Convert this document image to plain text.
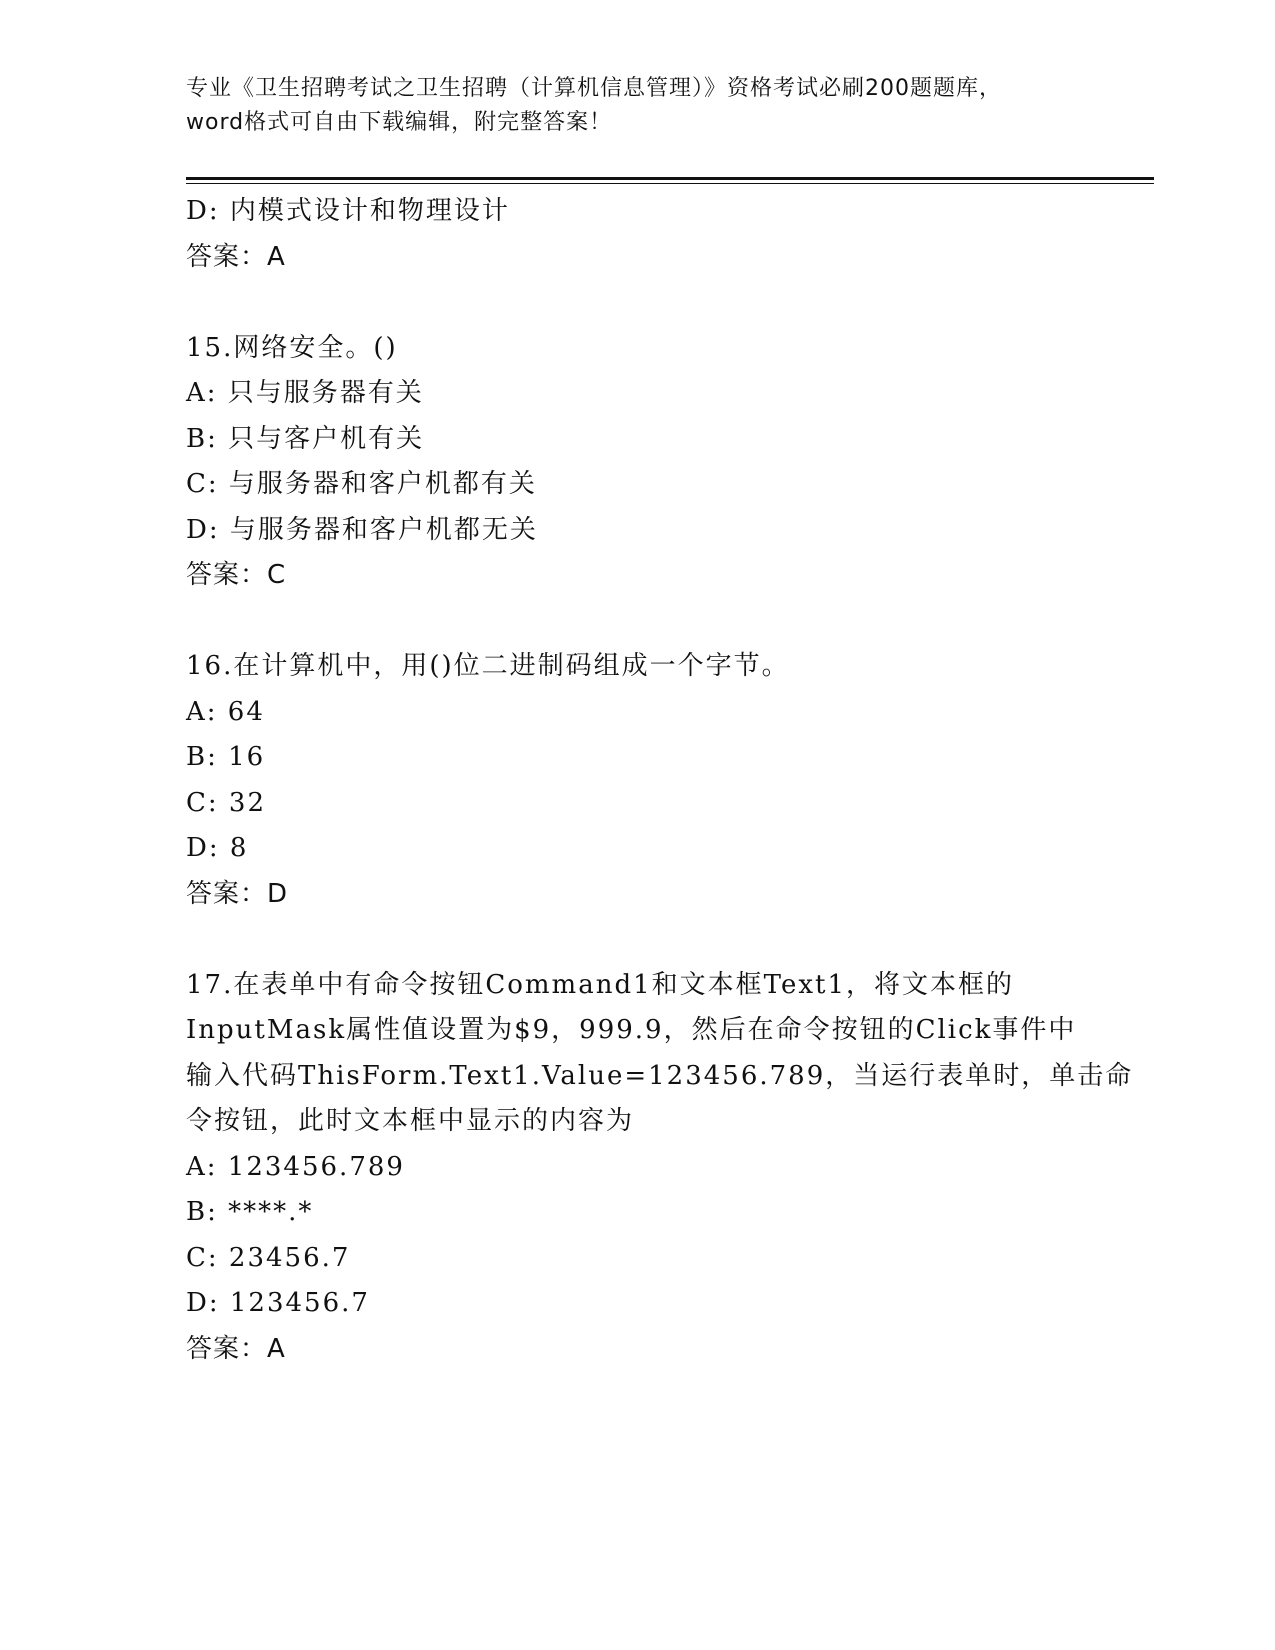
专业《卫生招聘考试之卫生招聘（计算机信息管理）》资格考试必刷200题题库，
word格式可自由下载编辑，附完整答案！
D: 内模式设计和物理设计
答案：A
15.网络安全。()
A: 只与服务器有关
B: 只与客户机有关
C: 与服务器和客户机都有关
D: 与服务器和客户机都无关
答案：C
16.在计算机中，用()位二进制码组成一个字节。
A: 64
B: 16
C: 32
D: 8
答案：D
17.在表单中有命令按钮Command1和文本框Text1，将文本框的
InputMask属性值设置为$9，999.9，然后在命令按钮的Click事件中
输入代码ThisForm.Text1.Value=123456.789，当运行表单时，单击命
令按钮，此时文本框中显示的内容为
A: 123456.789
B: ****.*
C: 23456.7
D: 123456.7
答案：A
